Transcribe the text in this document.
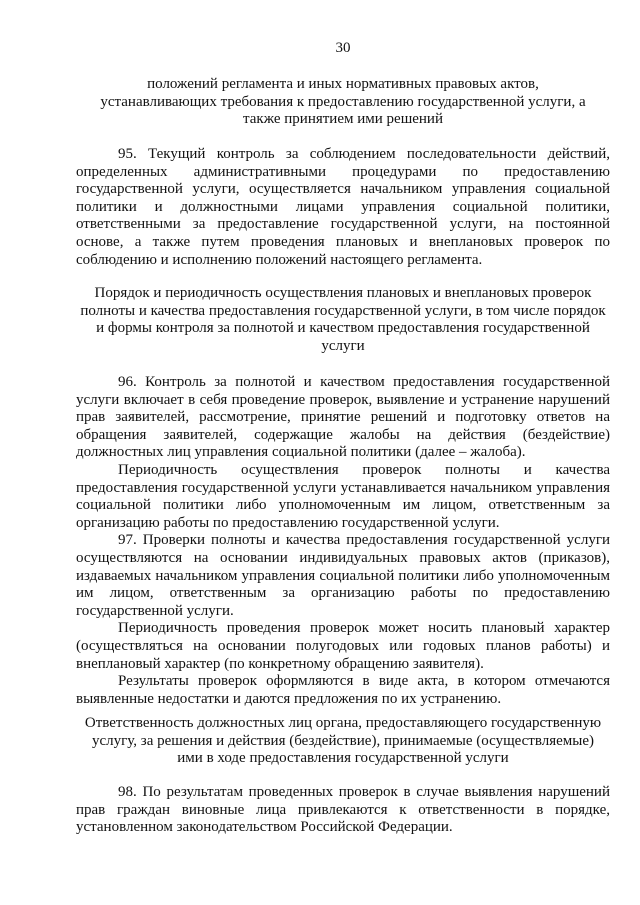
30

положений регламента и иных нормативных правовых актов, устанавливающих требования к предоставлению государственной услуги, а также принятием ими решений

95. Текущий контроль за соблюдением последовательности действий, определенных административными процедурами по предоставлению государственной услуги, осуществляется начальником управления социальной политики и должностными лицами управления социальной политики, ответственными за предоставление государственной услуги, на постоянной основе, а также путем проведения плановых и внеплановых проверок по соблюдению и исполнению положений настоящего регламента.

Порядок и периодичность осуществления плановых и внеплановых проверок полноты и качества предоставления государственной услуги, в том числе порядок и формы контроля за полнотой и качеством предоставления государственной услуги

96. Контроль за полнотой и качеством предоставления государственной услуги включает в себя проведение проверок, выявление и устранение нарушений прав заявителей, рассмотрение, принятие решений и подготовку ответов на обращения заявителей, содержащие жалобы на действия (бездействие) должностных лиц управления социальной политики (далее – жалоба).

Периодичность осуществления проверок полноты и качества предоставления государственной услуги устанавливается начальником управления социальной политики либо уполномоченным им лицом, ответственным за организацию работы по предоставлению государственной услуги.

97. Проверки полноты и качества предоставления государственной услуги осуществляются на основании индивидуальных правовых актов (приказов), издаваемых начальником управления социальной политики либо уполномоченным им лицом, ответственным за организацию работы по предоставлению государственной услуги.

Периодичность проведения проверок может носить плановый характер (осуществляться на основании полугодовых или годовых планов работы) и внеплановый характер (по конкретному обращению заявителя).

Результаты проверок оформляются в виде акта, в котором отмечаются выявленные недостатки и даются предложения по их устранению.

Ответственность должностных лиц органа, предоставляющего государственную услугу, за решения и действия (бездействие), принимаемые (осуществляемые) ими в ходе предоставления государственной услуги

98. По результатам проведенных проверок в случае выявления нарушений прав граждан виновные лица привлекаются к ответственности в порядке, установленном законодательством Российской Федерации.
